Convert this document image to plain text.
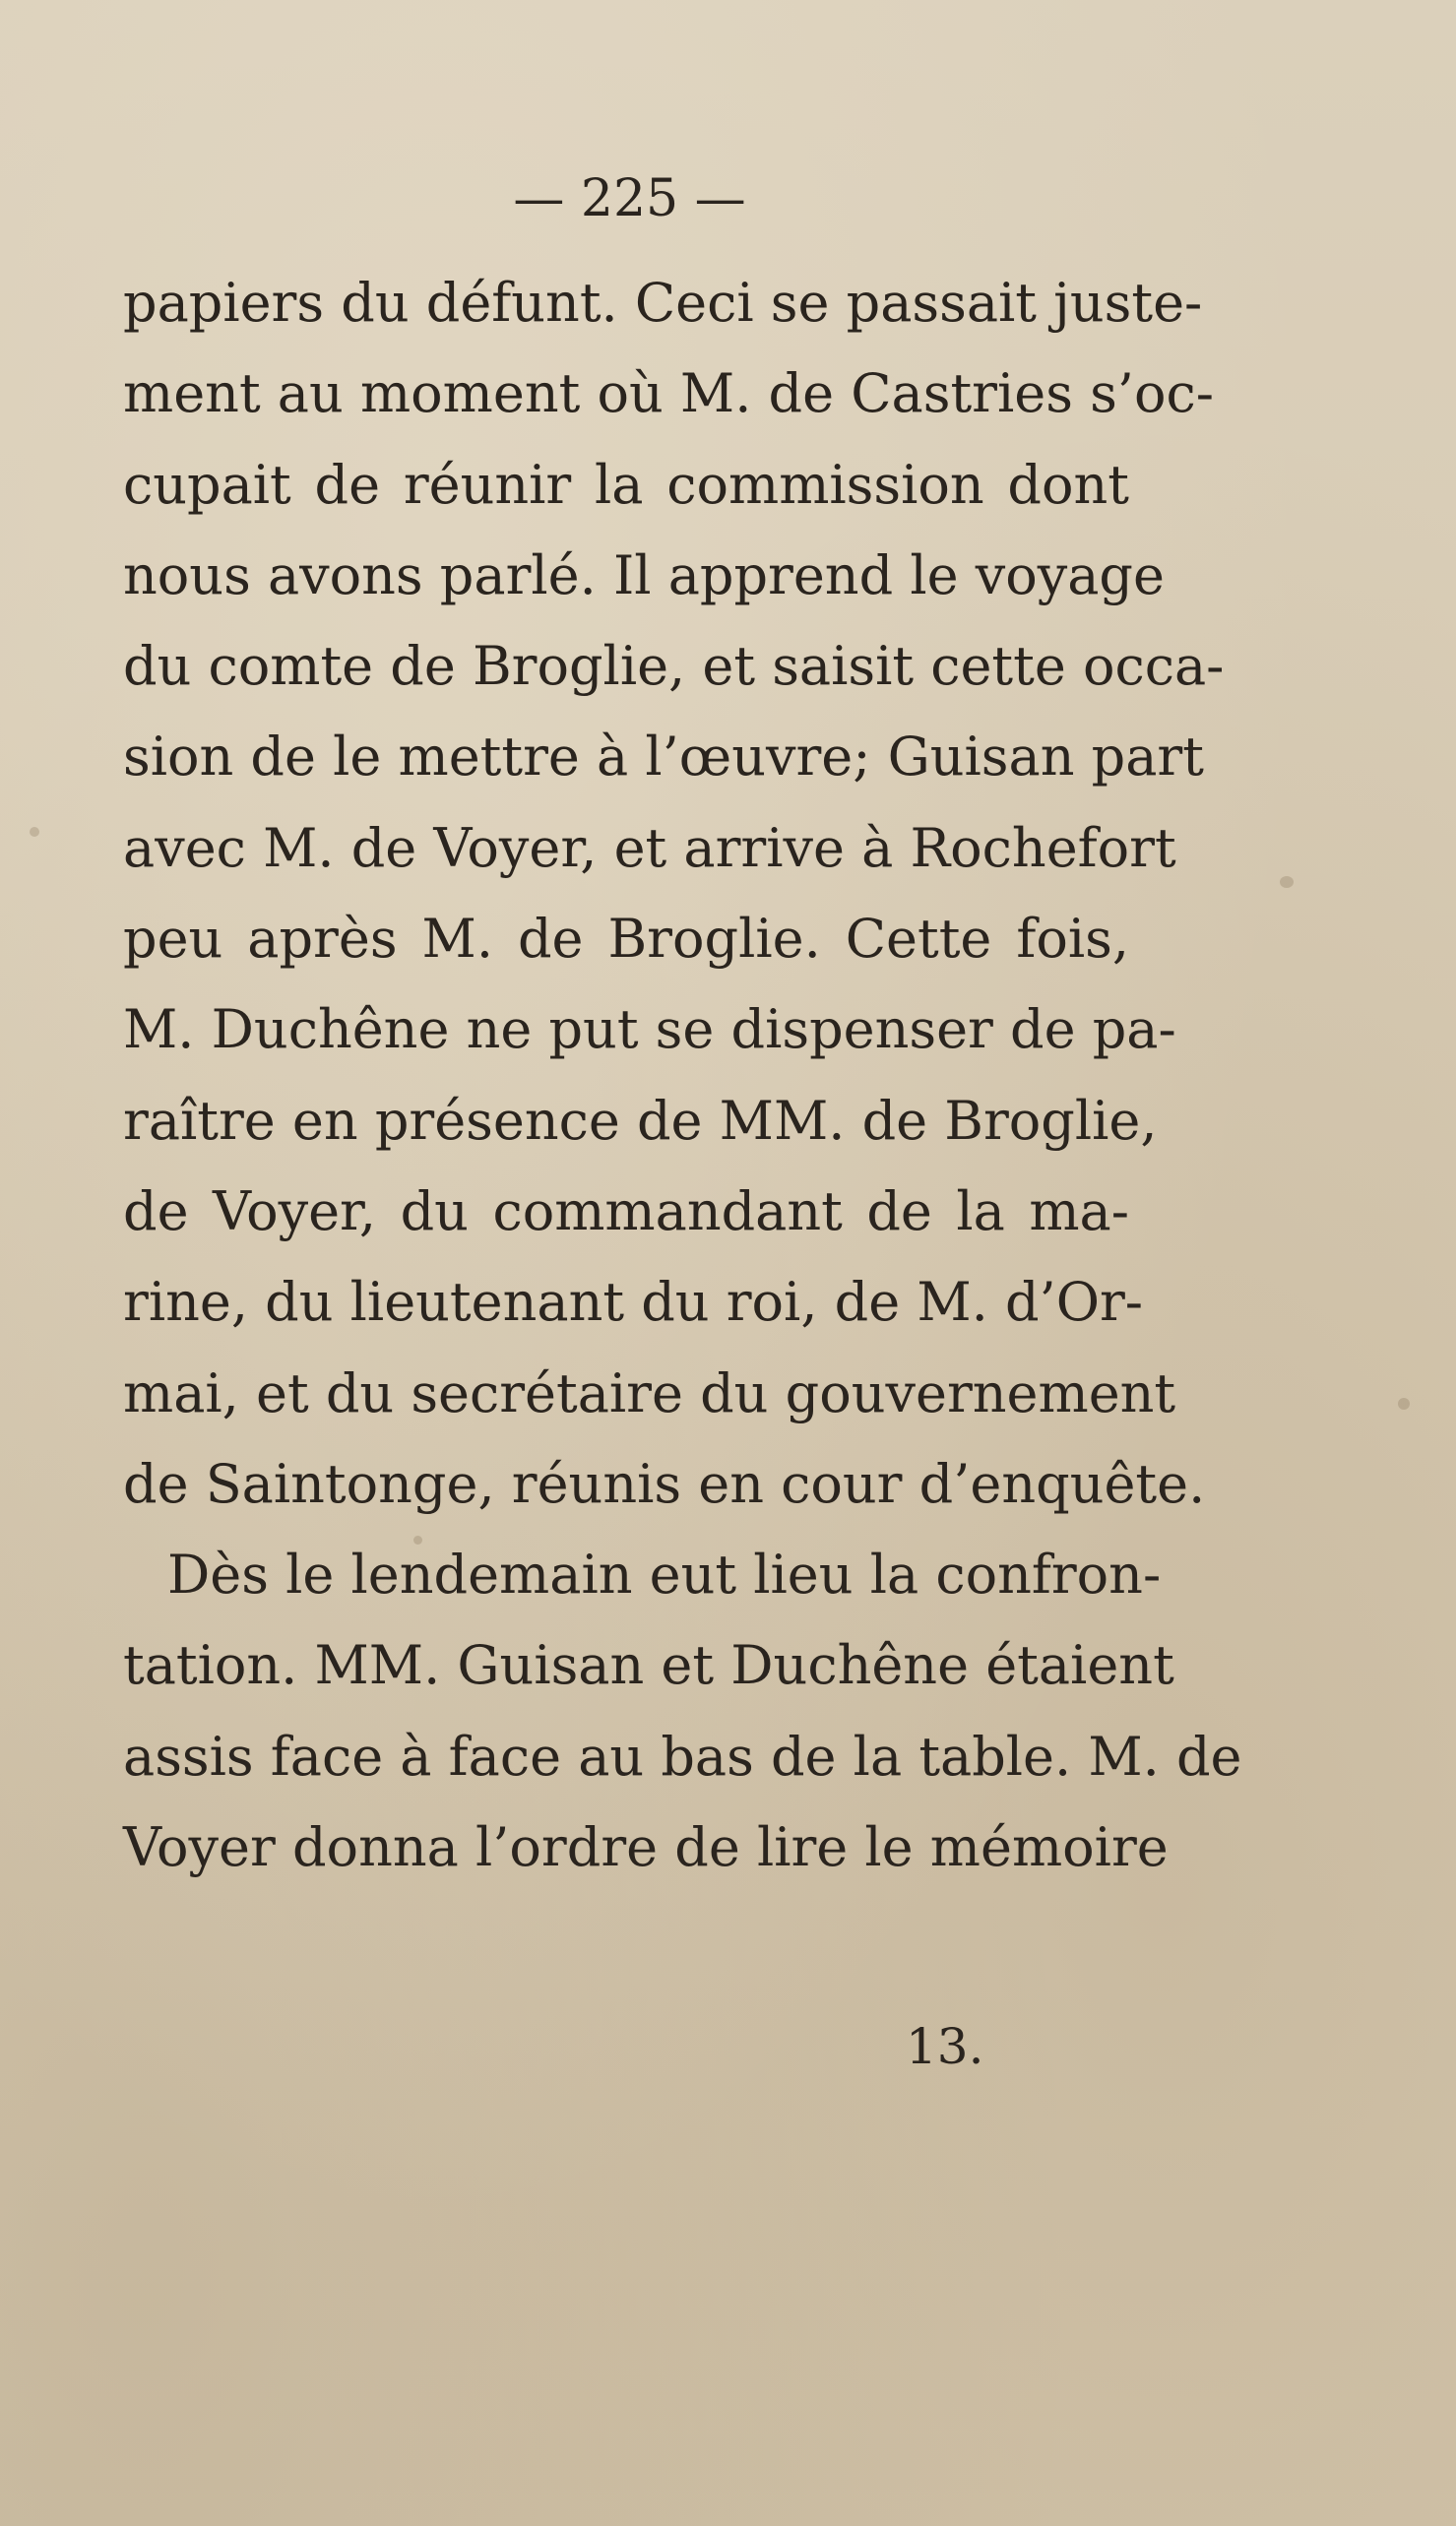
— 225 —
papiers du défunt. Ceci se passait juste-
ment au moment où M. de Castries s’oc-
cupait de réunir la commission dont
nous avons parlé. Il apprend le voyage
du comte de Broglie, et saisit cette occa-
sion de le mettre à l’œuvre; Guisan part
avec M. de Voyer, et arrive à Rochefort
peu après M. de Broglie. Cette fois,
M. Duchêne ne put se dispenser de pa-
raître en présence de MM. de Broglie,
de Voyer, du commandant de la ma-
rine, du lieutenant du roi, de M. d’Or-
mai, et du secrétaire du gouvernement
de Saintonge, réunis en cour d’enquête.
Dès le lendemain eut lieu la confron-
tation. MM. Guisan et Duchêne étaient
assis face à face au bas de la table. M. de
Voyer donna l’ordre de lire le mémoire
13.
